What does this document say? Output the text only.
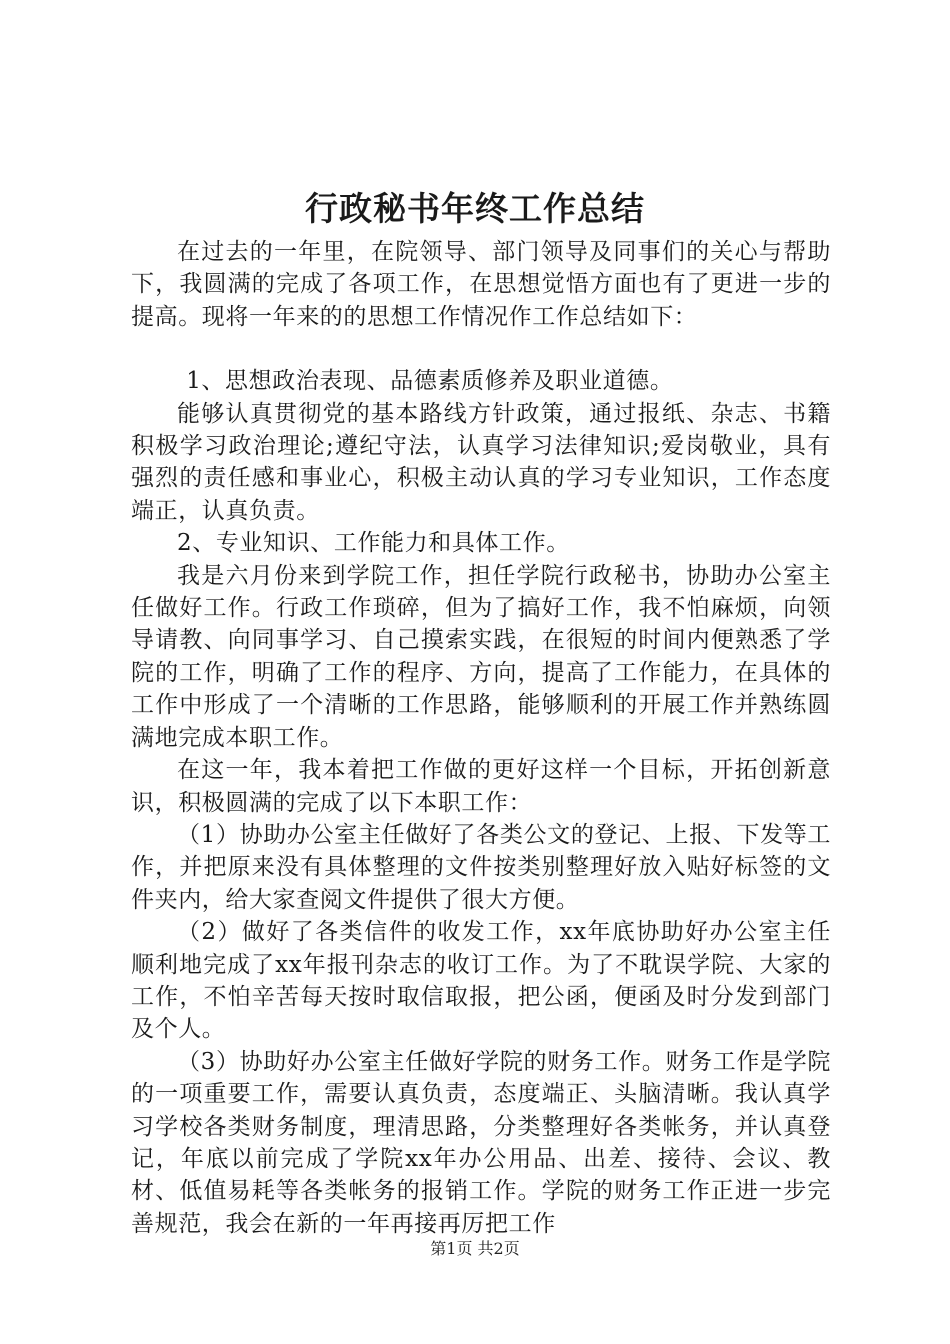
行政秘书年终工作总结

在过去的一年里，在院领导、部门领导及同事们的关心与帮助下，我圆满的完成了各项工作，在思想觉悟方面也有了更进一步的提高。现将一年来的的思想工作情况作工作总结如下：

1、思想政治表现、品德素质修养及职业道德。

能够认真贯彻党的基本路线方针政策，通过报纸、杂志、书籍积极学习政治理论;遵纪守法，认真学习法律知识;爱岗敬业，具有强烈的责任感和事业心，积极主动认真的学习专业知识，工作态度端正，认真负责。

2、专业知识、工作能力和具体工作。

我是六月份来到学院工作，担任学院行政秘书，协助办公室主任做好工作。行政工作琐碎，但为了搞好工作，我不怕麻烦，向领导请教、向同事学习、自己摸索实践，在很短的时间内便熟悉了学院的工作，明确了工作的程序、方向，提高了工作能力，在具体的工作中形成了一个清晰的工作思路，能够顺利的开展工作并熟练圆满地完成本职工作。

在这一年，我本着把工作做的更好这样一个目标，开拓创新意识，积极圆满的完成了以下本职工作：

（1）协助办公室主任做好了各类公文的登记、上报、下发等工作，并把原来没有具体整理的文件按类别整理好放入贴好标签的文件夹内，给大家查阅文件提供了很大方便。

（2）做好了各类信件的收发工作，xx年底协助好办公室主任顺利地完成了xx年报刊杂志的收订工作。为了不耽误学院、大家的工作，不怕辛苦每天按时取信取报，把公函，便函及时分发到部门及个人。

（3）协助好办公室主任做好学院的财务工作。财务工作是学院的一项重要工作，需要认真负责，态度端正、头脑清晰。我认真学习学校各类财务制度，理清思路，分类整理好各类帐务，并认真登记，年底以前完成了学院xx年办公用品、出差、接待、会议、教材、低值易耗等各类帐务的报销工作。学院的财务工作正进一步完善规范，我会在新的一年再接再厉把工作

第1页 共2页
